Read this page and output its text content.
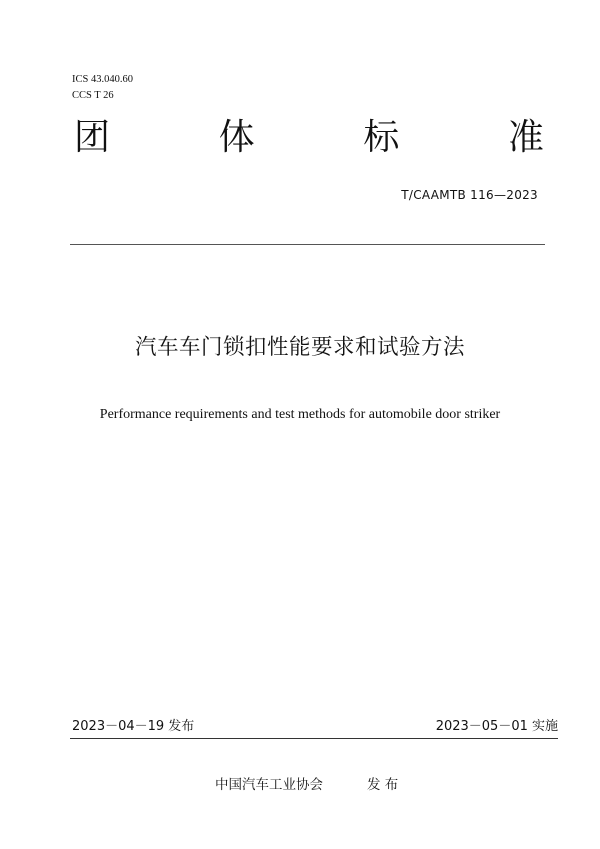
ICS 43.040.60
CCS T 26
团	体	标	准
T/CAAMTB 116—2023
汽车车门锁扣性能要求和试验方法
Performance requirements and test methods for automobile door striker
2023－04－19 发布	2023－05－01 实施
中国汽车工业协会	发 布
